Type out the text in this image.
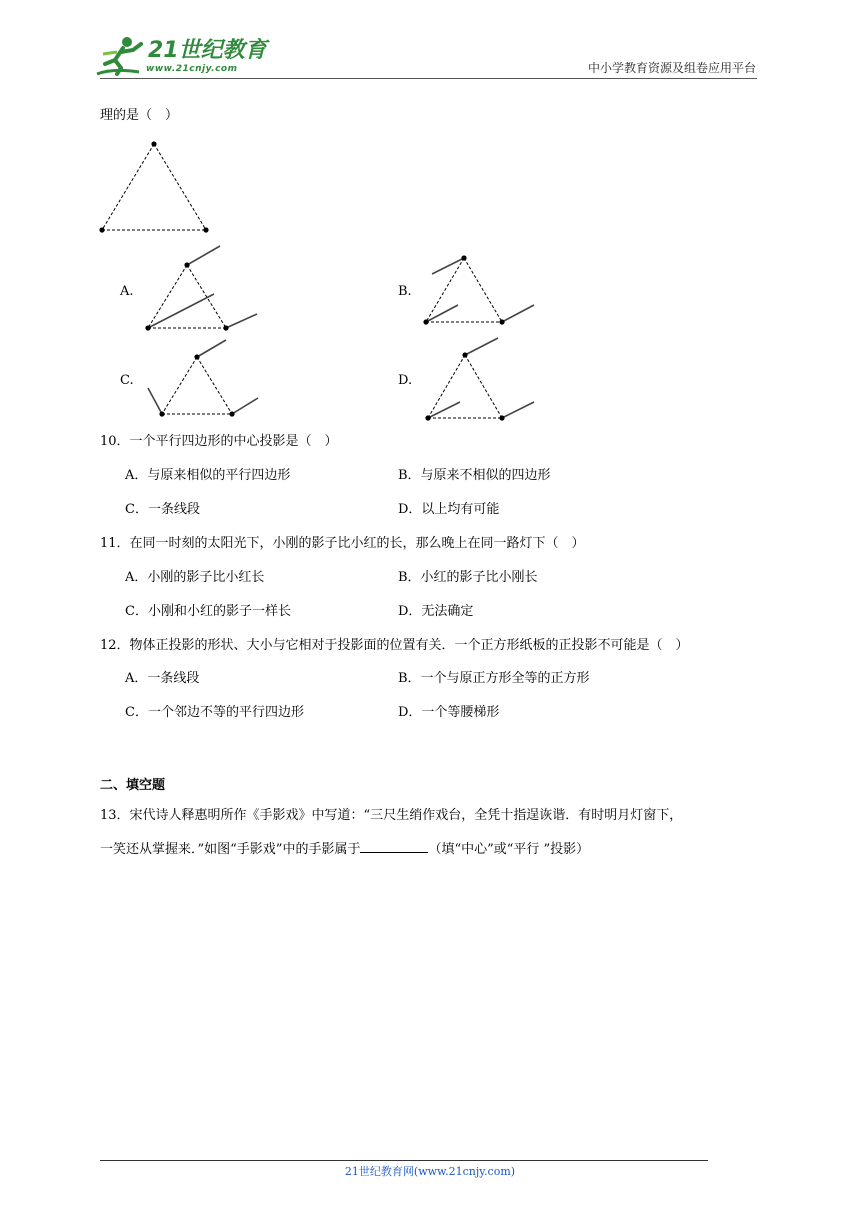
21世纪教育
www.21cnjy.com	中小学教育资源及组卷应用平台
理的是（　）
A.	B.
C.	D.
10．一个平行四边形的中心投影是（　）
A．与原来相似的平行四边形	B．与原来不相似的四边形
C．一条线段	D．以上均有可能
11．在同一时刻的太阳光下，小刚的影子比小红的长，那么晚上在同一路灯下（　）
A．小刚的影子比小红长	B．小红的影子比小刚长
C．小刚和小红的影子一样长	D．无法确定
12．物体正投影的形状、大小与它相对于投影面的位置有关．一个正方形纸板的正投影不可能是（　）
A．一条线段	B．一个与原正方形全等的正方形
C．一个邻边不等的平行四边形	D．一个等腰梯形
二、填空题
13．宋代诗人释惠明所作《手影戏》中写道：“三尺生绡作戏台，全凭十指逞诙谐．有时明月灯窗下，
一笑还从掌握来．”如图“手影戏”中的手影属于	（填“中心”或“平行 ”投影）
21世纪教育网(www.21cnjy.com)
